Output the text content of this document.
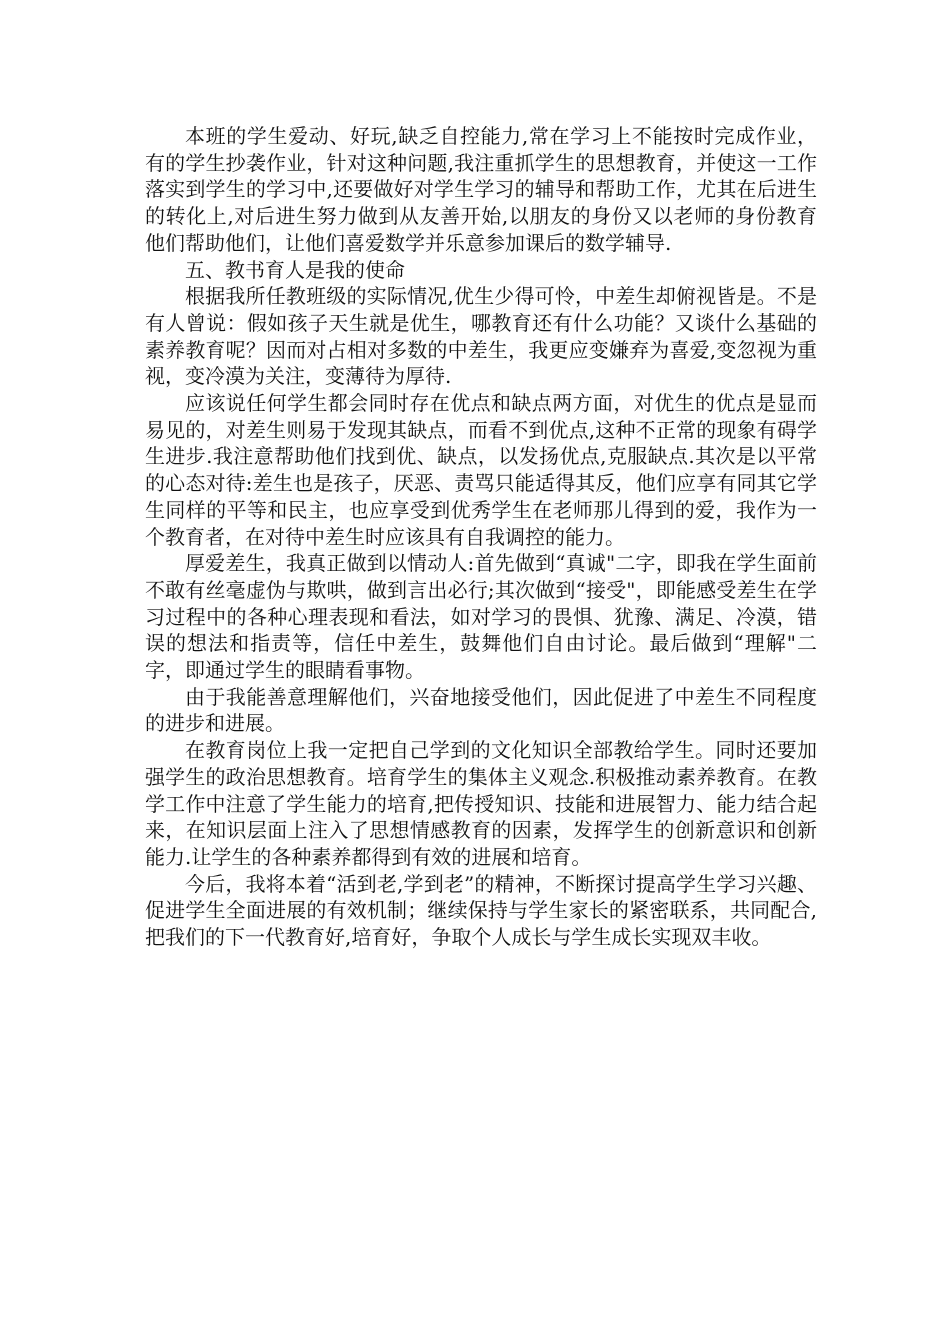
本班的学生爱动、好玩,缺乏自控能力,常在学习上不能按时完成作业，有的学生抄袭作业，针对这种问题,我注重抓学生的思想教育，并使这一工作落实到学生的学习中,还要做好对学生学习的辅导和帮助工作，尤其在后进生的转化上,对后进生努力做到从友善开始,以朋友的身份又以老师的身份教育他们帮助他们，让他们喜爱数学并乐意参加课后的数学辅导.

五、教书育人是我的使命

根据我所任教班级的实际情况,优生少得可怜，中差生却俯视皆是。不是有人曾说：假如孩子天生就是优生，哪教育还有什么功能？又谈什么基础的素养教育呢？因而对占相对多数的中差生，我更应变嫌弃为喜爱,变忽视为重视，变冷漠为关注，变薄待为厚待.

应该说任何学生都会同时存在优点和缺点两方面，对优生的优点是显而易见的，对差生则易于发现其缺点，而看不到优点,这种不正常的现象有碍学生进步.我注意帮助他们找到优、缺点，以发扬优点,克服缺点.其次是以平常的心态对待:差生也是孩子，厌恶、责骂只能适得其反，他们应享有同其它学生同样的平等和民主，也应享受到优秀学生在老师那儿得到的爱，我作为一个教育者，在对待中差生时应该具有自我调控的能力。

厚爱差生，我真正做到以情动人:首先做到“真诚"二字，即我在学生面前不敢有丝毫虚伪与欺哄，做到言出必行;其次做到“接受"，即能感受差生在学习过程中的各种心理表现和看法，如对学习的畏惧、犹豫、满足、冷漠，错误的想法和指责等，信任中差生，鼓舞他们自由讨论。最后做到“理解"二字，即通过学生的眼睛看事物。

由于我能善意理解他们，兴奋地接受他们，因此促进了中差生不同程度的进步和进展。

在教育岗位上我一定把自己学到的文化知识全部教给学生。同时还要加强学生的政治思想教育。培育学生的集体主义观念.积极推动素养教育。在教学工作中注意了学生能力的培育,把传授知识、技能和进展智力、能力结合起来，在知识层面上注入了思想情感教育的因素，发挥学生的创新意识和创新能力.让学生的各种素养都得到有效的进展和培育。

今后，我将本着“活到老,学到老”的精神，不断探讨提高学生学习兴趣、促进学生全面进展的有效机制；继续保持与学生家长的紧密联系，共同配合,把我们的下一代教育好,培育好，争取个人成长与学生成长实现双丰收。
